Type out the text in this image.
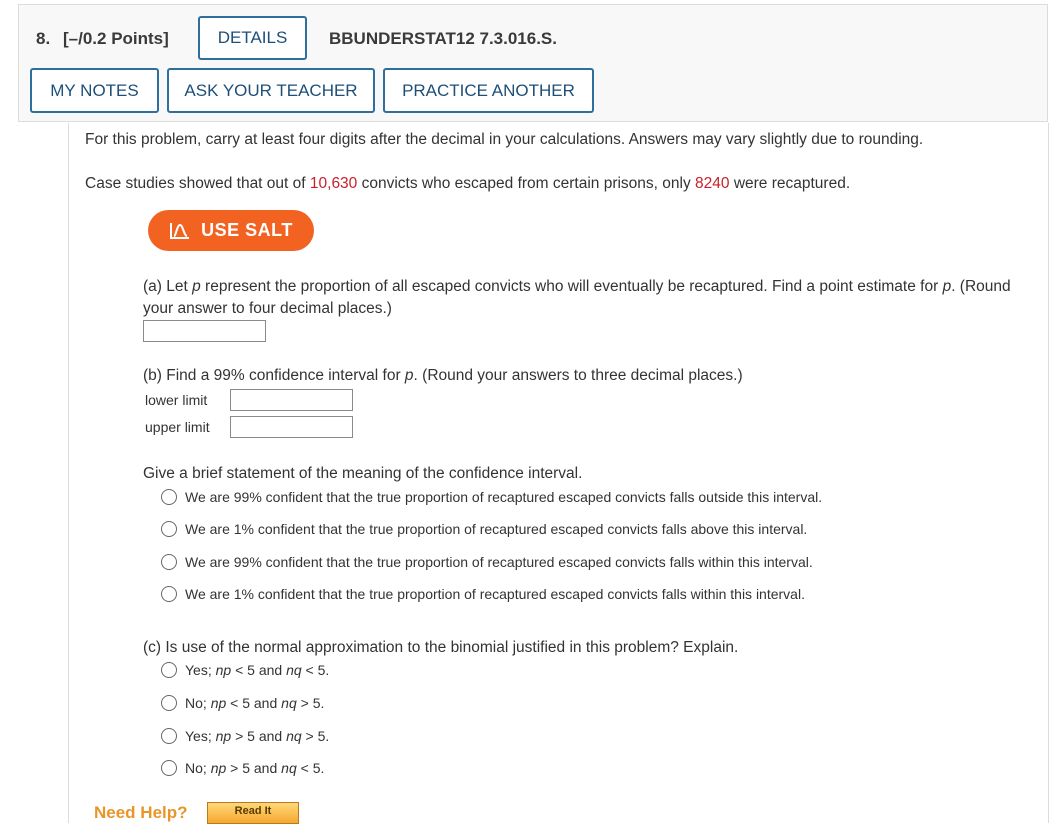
8. [–/0.2 Points]	DETAILS	BBUNDERSTAT12 7.3.016.S.
MY NOTES	ASK YOUR TEACHER	PRACTICE ANOTHER
For this problem, carry at least four digits after the decimal in your calculations. Answers may vary slightly due to rounding.
Case studies showed that out of 10,630 convicts who escaped from certain prisons, only 8240 were recaptured.
USE SALT
(a) Let p represent the proportion of all escaped convicts who will eventually be recaptured. Find a point estimate for p. (Round
your answer to four decimal places.)
(b) Find a 99% confidence interval for p. (Round your answers to three decimal places.)
lower limit
upper limit
Give a brief statement of the meaning of the confidence interval.
We are 99% confident that the true proportion of recaptured escaped convicts falls outside this interval.
We are 1% confident that the true proportion of recaptured escaped convicts falls above this interval.
We are 99% confident that the true proportion of recaptured escaped convicts falls within this interval.
We are 1% confident that the true proportion of recaptured escaped convicts falls within this interval.
(c) Is use of the normal approximation to the binomial justified in this problem? Explain.
Yes; np < 5 and nq < 5.
No; np < 5 and nq > 5.
Yes; np > 5 and nq > 5.
No; np > 5 and nq < 5.
Need Help?	Read It
